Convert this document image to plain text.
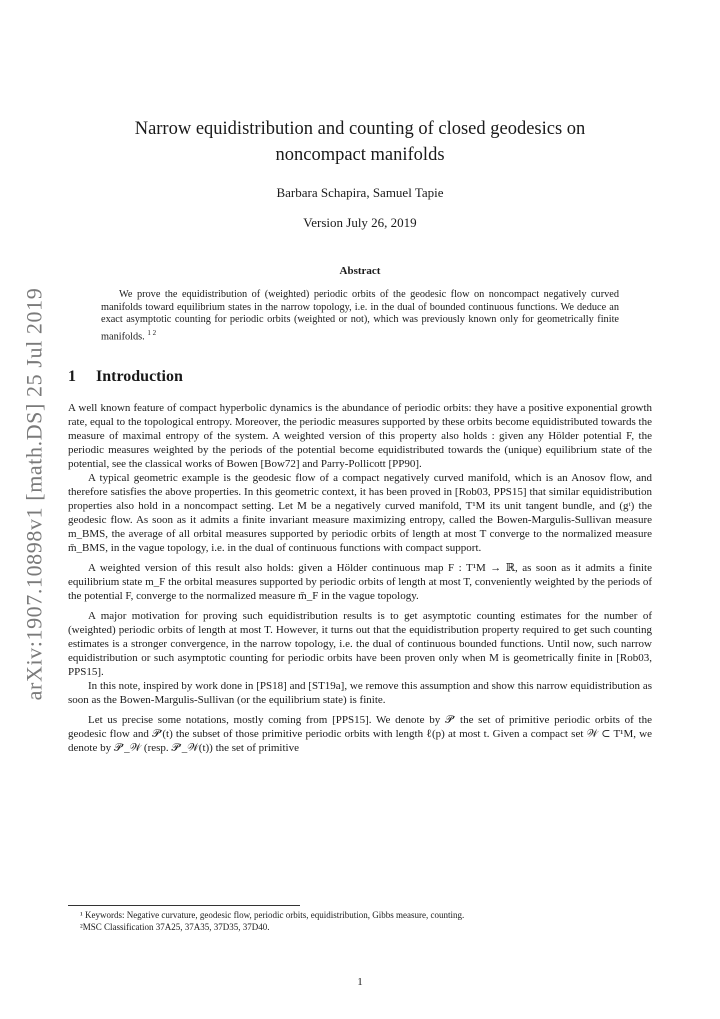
arXiv:1907.10898v1 [math.DS] 25 Jul 2019
Narrow equidistribution and counting of closed geodesics on
noncompact manifolds
Barbara Schapira, Samuel Tapie
Version July 26, 2019
Abstract
We prove the equidistribution of (weighted) periodic orbits of the geodesic flow on noncompact negatively curved manifolds toward equilibrium states in the narrow topology, i.e. in the dual of bounded continuous functions. We deduce an exact asymptotic counting for periodic orbits (weighted or not), which was previously known only for geometrically finite manifolds. $^{1 2}$
1 Introduction

A well known feature of compact hyperbolic dynamics is the abundance of periodic orbits: they have a positive exponential growth rate, equal to the topological entropy. Moreover, the periodic measures supported by these orbits become equidistributed towards the measure of maximal entropy of the system. A weighted version of this property also holds : given any Hölder potential F, the periodic measures weighted by the periods of the potential become equidistributed towards the (unique) equilibrium state of the potential, see the classical works of Bowen [Bow72] and Parry-Pollicott [PP90].

A typical geometric example is the geodesic flow of a compact negatively curved manifold, which is an Anosov flow, and therefore satisfies the above properties. In this geometric context, it has been proved in [Rob03, PPS15] that similar equidistribution properties also hold in a noncompact setting. Let M be a negatively curved manifold, T¹M its unit tangent bundle, and (gᵗ) the geodesic flow. As soon as it admits a finite invariant measure maximizing entropy, called the Bowen-Margulis-Sullivan measure m_BMS, the average of all orbital measures supported by periodic orbits of length at most T converge to the normalized measure m̄_BMS, in the vague topology, i.e. in the dual of continuous functions with compact support.

A weighted version of this result also holds: given a Hölder continuous map F : T¹M → ℝ, as soon as it admits a finite equilibrium state m_F the orbital measures supported by periodic orbits of length at most T, conveniently weighted by the periods of the potential F, converge to the normalized measure m̄_F in the vague topology.

A major motivation for proving such equidistribution results is to get asymptotic counting estimates for the number of (weighted) periodic orbits of length at most T. However, it turns out that the equidistribution property required to get such counting estimates is a stronger convergence, in the narrow topology, i.e. the dual of continuous bounded functions. Until now, such narrow equidistribution or such asymptotic counting for periodic orbits have been proven only when M is geometrically finite in [Rob03, PPS15].

In this note, inspired by work done in [PS18] and [ST19a], we remove this assumption and show this narrow equidistribution as soon as the Bowen-Margulis-Sullivan (or the equilibrium state) is finite.

Let us precise some notations, mostly coming from [PPS15]. We denote by 𝒫′ the set of primitive periodic orbits of the geodesic flow and 𝒫′(t) the subset of those primitive periodic orbits with length ℓ(p) at most t. Given a compact set 𝒲 ⊂ T¹M, we denote by 𝒫′_𝒲 (resp. 𝒫′_𝒲(t)) the set of primitive

¹ Keywords: Negative curvature, geodesic flow, periodic orbits, equidistribution, Gibbs measure, counting.
²MSC Classification 37A25, 37A35, 37D35, 37D40.
1
